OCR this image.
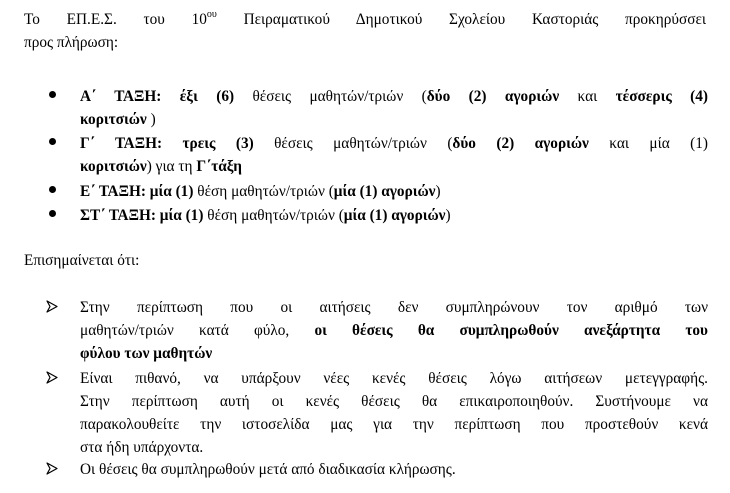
Το ΕΠ.Ε.Σ. του $10^{o\upsilon}$ Πειραματικού Δημοτικού Σχολείου Καστοριάς προκηρύσσει
προς πλήρωση:
Α΄ ΤΑΞΗ: έξι (6) θέσεις μαθητών/τριών (δύο (2) αγοριών και τέσσερις (4)
κοριτσιών )
Γ΄ ΤΑΞΗ: τρεις (3) θέσεις μαθητών/τριών (δύο (2) αγοριών και μία (1)
κοριτσιών) για τη Γ΄τάξη
Ε΄ ΤΑΞΗ: μία (1) θέση μαθητών/τριών (μία (1) αγοριών)
ΣΤ΄ ΤΑΞΗ: μία (1) θέση μαθητών/τριών (μία (1) αγοριών)
Επισημαίνεται ότι:
Στην περίπτωση που οι αιτήσεις δεν συμπληρώνουν τον αριθμό των
μαθητών/τριών κατά φύλο, οι θέσεις θα συμπληρωθούν ανεξάρτητα του
φύλου των μαθητών
Είναι πιθανό, να υπάρξουν νέες κενές θέσεις λόγω αιτήσεων μετεγγραφής.
Στην περίπτωση αυτή οι κενές θέσεις θα επικαιροποιηθούν. Συστήνουμε να
παρακολουθείτε την ιστοσελίδα μας για την περίπτωση που προστεθούν κενά
στα ήδη υπάρχοντα.
Οι θέσεις θα συμπληρωθούν μετά από διαδικασία κλήρωσης.
